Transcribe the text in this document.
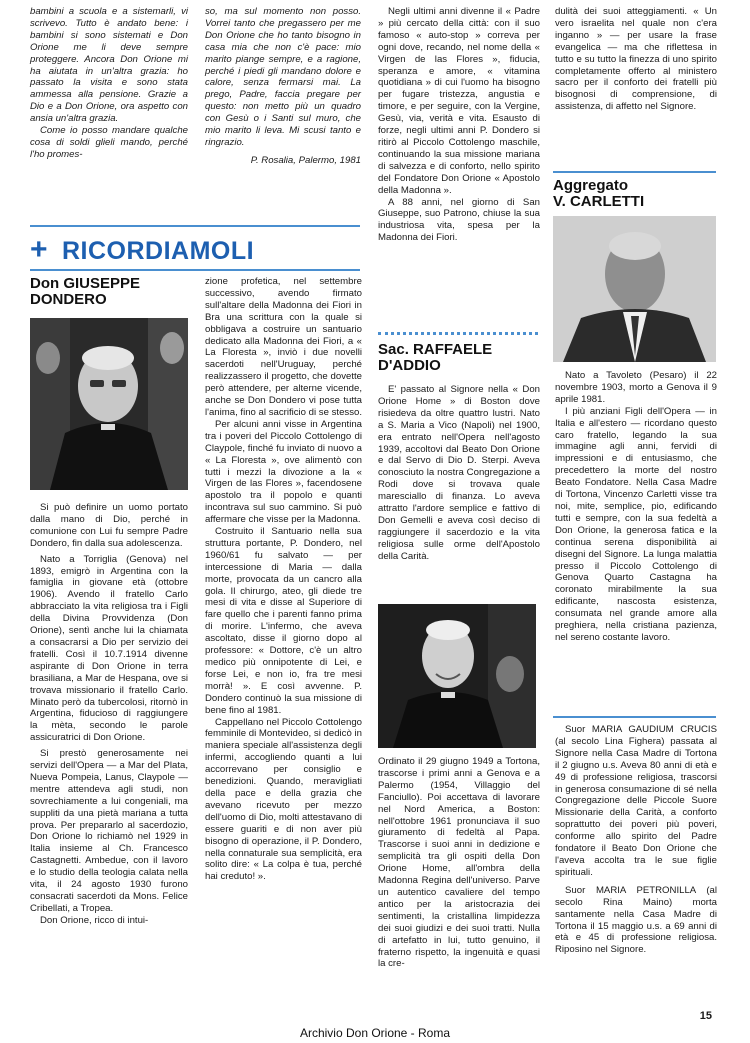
bambini a scuola e a sistemarli, vi scrivevo. Tutto è andato bene: i bambini si sono sistemati e Don Orione me li deve sempre proteggere. Ancora Don Orione mi ha aiutata in un'altra grazia: ho passato la visita e sono stata ammessa alla pensione. Grazie a Dio e a Don Orione, ora aspetto con ansia un'altra grazia.

Come io posso mandare qualche cosa di soldi glieli mando, perché l'ho promes-

so, ma sul momento non posso. Vorrei tanto che pregassero per me Don Orione che ho tanto bisogno in casa mia che non c'è pace: mio marito piange sempre, e a ragione, perché i piedi gli mandano dolore e calore, senza fermarsi mai. La prego, Padre, faccia pregare per questo: non metto più un quadro con Gesù o i Santi sul muro, che mio marito li leva. Mi scusi tanto e ringrazio.

P. Rosalia, Palermo, 1981

Negli ultimi anni divenne il « Padre » più cercato della città: con il suo famoso « auto-stop » correva per ogni dove, recando, nel nome della « Virgen de las Flores », fiducia, speranza e amore, « vitamina quotidiana » di cui l'uomo ha bisogno per fugare tristezza, angustia e timore, e per seguire, con la Vergine, Gesù, via, verità e vita. Esausto di forze, negli ultimi anni P. Dondero si ritirò al Piccolo Cottolengo maschile, continuando la sua missione mariana di salvezza e di conforto, nello spirito del Fondatore Don Orione « Apostolo della Madonna ».

A 88 anni, nel giorno di San Giuseppe, suo Patrono, chiuse la sua industriosa vita, spesa per la Madonna dei Fiori.

dulità dei suoi atteggiamenti. « Un vero israelita nel quale non c'era inganno » — per usare la frase evangelica — ma che riflettesa in tutto e su tutto la finezza di uno spirito completamente offerto al ministero sacro per il conforto dei fratelli più bisognosi di comprensione, di assistenza, di affetto nel Signore.

+ RICORDIAMOLI
Don GIUSEPPE
DONDERO

Si può definire un uomo portato dalla mano di Dio, perché in comunione con Lui fu sempre Padre Dondero, fin dalla sua adolescenza.

Nato a Torriglia (Genova) nel 1893, emigrò in Argentina con la famiglia in giovane età (ottobre 1906). Avendo il fratello Carlo abbracciato la vita religiosa tra i Figli della Divina Provvidenza (Don Orione), sentì anche lui la chiamata a consacrarsi a Dio per servizio dei fratelli. Così il 10.7.1914 divenne aspirante di Don Orione in terra brasiliana, a Mar de Hespana, ove si trovava missionario il fratello Carlo. Minato però da tubercolosi, ritornò in Argentina, fiducioso di raggiungere la mèta, secondo le parole assicuratrici di Don Orione.

Si prestò generosamente nei servizi dell'Opera — a Mar del Plata, Nueva Pompeia, Lanus, Claypole — mentre attendeva agli studi, non sovrechiamente a lui congeniali, ma suppliti da una pietà mariana a tutta prova. Per prepararlo al sacerdozio, Don Orione lo richiamò nel 1929 in Italia insieme al Ch. Francesco Castagnetti. Ambedue, con il lavoro e lo studio della teologia calata nella vita, il 24 agosto 1930 furono consacrati sacerdoti da Mons. Felice Cribellati, a Tropea.

Don Orione, ricco di intui-

zione profetica, nel settembre successivo, avendo firmato sull'altare della Madonna dei Fiori in Bra una scrittura con la quale si obbligava a costruire un santuario dedicato alla Madonna dei Fiori, a « La Floresta », inviò i due novelli sacerdoti nell'Uruguay, perché realizzassero il progetto, che dovette però attendere, per alterne vicende, anche se Don Dondero vi pose tutta l'anima, fino al sacrificio di se stesso.

Per alcuni anni visse in Argentina tra i poveri del Piccolo Cottolengo di Claypole, finché fu inviato di nuovo a « La Floresta », ove alimentò con tutti i mezzi la divozione a la « Virgen de las Flores », facendosene apostolo tra il popolo e quanti incontrava sul suo cammino. Si può affermare che visse per la Madonna.

Costruito il Santuario nella sua struttura portante, P. Dondero, nel 1960/61 fu salvato — per intercessione di Maria — dalla morte, provocata da un cancro alla gola. Il chirurgo, ateo, gli diede tre mesi di vita e disse al Superiore di fare quello che i parenti fanno prima di morire. L'infermo, che aveva ascoltato, disse il giorno dopo al professore: « Dottore, c'è un altro medico più onnipotente di Lei, e forse Lei, e non io, fra tre mesi morrà! ». E così avvenne. P. Dondero continuò la sua missione di bene fino al 1981.

Cappellano nel Piccolo Cottolengo femminile di Montevideo, si dedicò in maniera speciale all'assistenza degli infermi, accogliendo quanti a lui accorrevano per consiglio e benedizioni. Quando, meravigliati della pace e della grazia che avevano ricevuto per mezzo dell'uomo di Dio, molti attestavano di essere guariti e di non aver più bisogno di operazione, il P. Dondero, nella connaturale sua semplicità, era solito dire: « La colpa è tua, perché hai creduto! ».

Sac. RAFFAELE
D'ADDIO

E' passato al Signore nella « Don Orione Home » di Boston dove risiedeva da oltre quattro lustri. Nato a S. Maria a Vico (Napoli) nel 1900, era entrato nell'Opera nell'agosto 1939, accoltovi dal Beato Don Orione e dal Servo di Dio D. Sterpi. Aveva conosciuto la nostra Congregazione a Rodi dove si trovava quale maresciallo di finanza. Lo aveva attratto l'ardore semplice e fattivo di Don Gemelli e aveva così deciso di raggiungere il sacerdozio e la vita religiosa sulle orme dell'Apostolo della Carità.

Ordinato il 29 giugno 1949 a Tortona, trascorse i primi anni a Genova e a Palermo (1954, Villaggio del Fanciullo). Poi accettava di lavorare nel Nord America, a Boston: nell'ottobre 1961 pronunciava il suo giuramento di fedeltà al Papa. Trascorse i suoi anni in dedizione e semplicità tra gli ospiti della Don Orione Home, all'ombra della Madonna Regina dell'universo. Parve un autentico cavaliere del tempo antico per la aristocrazia dei sentimenti, la cristallina limpidezza dei suoi giudizi e dei suoi tratti. Nulla di artefatto in lui, tutto genuino, il fraterno rispetto, la ingenuità e quasi la cre-

Aggregato
V. CARLETTI

Nato a Tavoleto (Pesaro) il 22 novembre 1903, morto a Genova il 9 aprile 1981.

I più anziani Figli dell'Opera — in Italia e all'estero — ricordano questo caro fratello, legando la sua immagine agli anni, fervidi di impressioni e di entusiasmo, che precedettero la morte del nostro Beato Fondatore. Nella Casa Madre di Tortona, Vincenzo Carletti visse tra noi, mite, semplice, pio, edificando tutti e sempre, con la sua fedeltà a Don Orione, la generosa fatica e la continua serena disponibilità ai disegni del Signore. La lunga malattia presso il Piccolo Cottolengo di Genova Quarto Castagna ha coronato mirabilmente la sua edificante, nascosta esistenza, consumata nel grande amore alla preghiera, nella cristiana pazienza, nel sereno costante lavoro.

Suor MARIA GAUDIUM CRUCIS (al secolo Lina Fighera) passata al Signore nella Casa Madre di Tortona il 2 giugno u.s. Aveva 80 anni di età e 49 di professione religiosa, trascorsi in generosa consumazione di sé nella Congregazione delle Piccole Suore Missionarie della Carità, a conforto soprattutto dei poveri più poveri, conforme allo spirito del Padre fondatore il Beato Don Orione che l'aveva accolta tra le sue figlie spirituali.

Suor MARIA PETRONILLA (al secolo Rina Maino) morta santamente nella Casa Madre di Tortona il 15 maggio u.s. a 69 anni di età e 45 di professione religiosa. Riposino nel Signore.

15
Archivio Don Orione - Roma
